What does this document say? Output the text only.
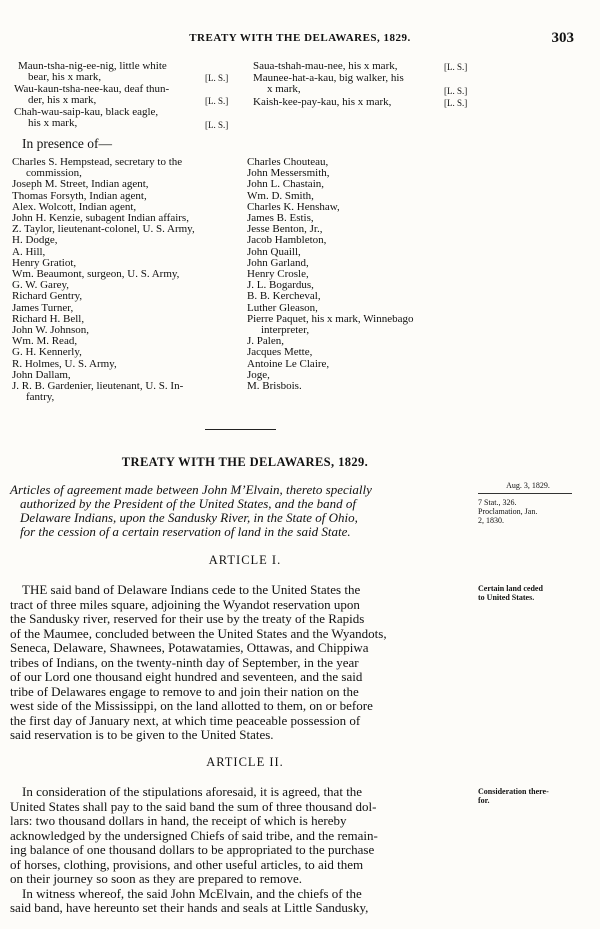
TREATY WITH THE DELAWARES, 1829.	303
Maun-tsha-nig-ee-nig, little white
bear, his x mark,	[L. S.]
Wau-kaun-tsha-nee-kau, deaf thun-
der, his x mark,	[L. S.]
Chah-wau-saip-kau, black eagle,
his x mark,	[L. S.]
Saua-tshah-mau-nee, his x mark,	[L. S.]
Maunee-hat-a-kau, big walker, his
x mark,	[L. S.]
Kaish-kee-pay-kau, his x mark,	[L. S.]
In presence of—
Charles S. Hempstead, secretary to the
commission,
Joseph M. Street, Indian agent,
Thomas Forsyth, Indian agent,
Alex. Wolcott, Indian agent,
John H. Kenzie, subagent Indian affairs,
Z. Taylor, lieutenant-colonel, U. S. Army,
H. Dodge,
A. Hill,
Henry Gratiot,
Wm. Beaumont, surgeon, U. S. Army,
G. W. Garey,
Richard Gentry,
James Turner,
Richard H. Bell,
John W. Johnson,
Wm. M. Read,
G. H. Kennerly,
R. Holmes, U. S. Army,
John Dallam,
J. R. B. Gardenier, lieutenant, U. S. In-
fantry,
Charles Chouteau,
John Messersmith,
John L. Chastain,
Wm. D. Smith,
Charles K. Henshaw,
James B. Estis,
Jesse Benton, Jr.,
Jacob Hambleton,
John Quaill,
John Garland,
Henry Crosle,
J. L. Bogardus,
B. B. Kercheval,
Luther Gleason,
Pierre Paquet, his x mark, Winnebago
interpreter,
J. Palen,
Jacques Mette,
Antoine Le Claire,
Joge,
M. Brisbois.
TREATY WITH THE DELAWARES, 1829.
Articles of agreement made between John M’Elvain, thereto specially
authorized by the President of the United States, and the band of
Delaware Indians, upon the Sandusky River, in the State of Ohio,
for the cession of a certain reservation of land in the said State.
Aug. 3, 1829.
7 Stat., 326.
Proclamation, Jan.
2, 1830.
ARTICLE I.
Certain land ceded
to United States.
THE said band of Delaware Indians cede to the United States the
tract of three miles square, adjoining the Wyandot reservation upon
the Sandusky river, reserved for their use by the treaty of the Rapids
of the Maumee, concluded between the United States and the Wyandots,
Seneca, Delaware, Shawnees, Potawatamies, Ottawas, and Chippiwa
tribes of Indians, on the twenty-ninth day of September, in the year
of our Lord one thousand eight hundred and seventeen, and the said
tribe of Delawares engage to remove to and join their nation on the
west side of the Mississippi, on the land allotted to them, on or before
the first day of January next, at which time peaceable possession of
said reservation is to be given to the United States.
ARTICLE II.
Consideration there-
for.
In consideration of the stipulations aforesaid, it is agreed, that the
United States shall pay to the said band the sum of three thousand dol-
lars: two thousand dollars in hand, the receipt of which is hereby
acknowledged by the undersigned Chiefs of said tribe, and the remain-
ing balance of one thousand dollars to be appropriated to the purchase
of horses, clothing, provisions, and other useful articles, to aid them
on their journey so soon as they are prepared to remove.
In witness whereof, the said John McElvain, and the chiefs of the
said band, have hereunto set their hands and seals at Little Sandusky,
